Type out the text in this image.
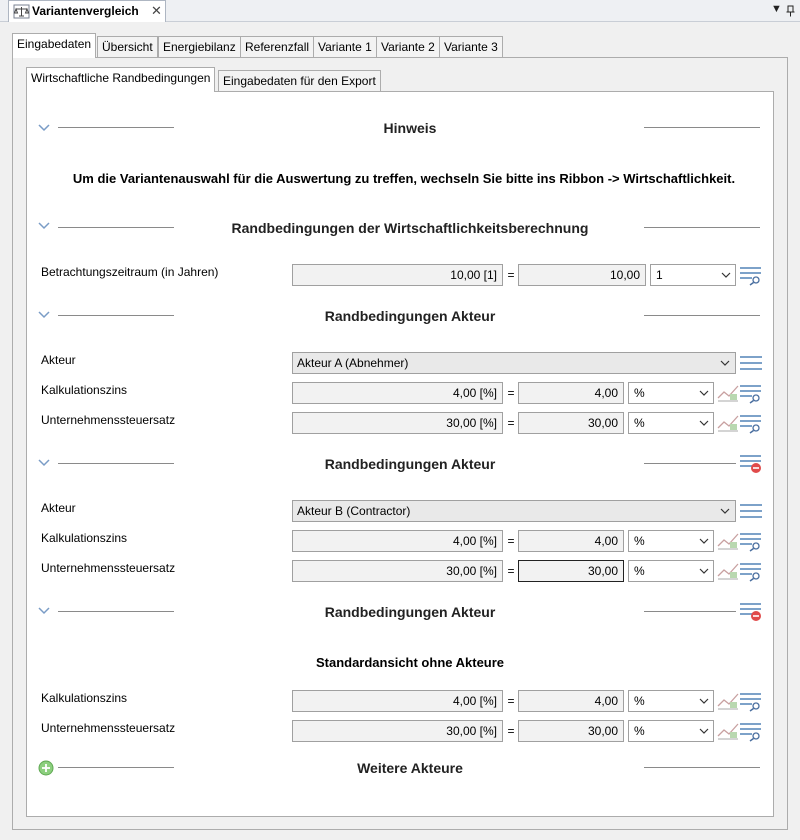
Variantenvergleich ✕	▼
Eingabedaten Übersicht Energiebilanz Referenzfall Variante 1 Variante 2 Variante 3
Wirtschaftliche Randbedingungen	Eingabedaten für den Export
Hinweis
Um die Variantenauswahl für die Auswertung zu treffen, wechseln Sie bitte ins Ribbon -> Wirtschaftlichkeit.
Randbedingungen der Wirtschaftlichkeitsberechnung
Betrachtungszeitraum (in Jahren)	10,00 [1] =	10,00	1
Randbedingungen Akteur
Akteur	Akteur A (Abnehmer)
Kalkulationszins	4,00 [%] =	4,00	%
Unternehmenssteuersatz	30,00 [%] =	30,00	%
Randbedingungen Akteur
Akteur	Akteur B (Contractor)
Kalkulationszins	4,00 [%] =	4,00	%
Unternehmenssteuersatz	30,00 [%] =	30,00	%
Randbedingungen Akteur
Standardansicht ohne Akteure
Kalkulationszins	4,00 [%] =	4,00	%
Unternehmenssteuersatz	30,00 [%] =	30,00	%
Weitere Akteure
